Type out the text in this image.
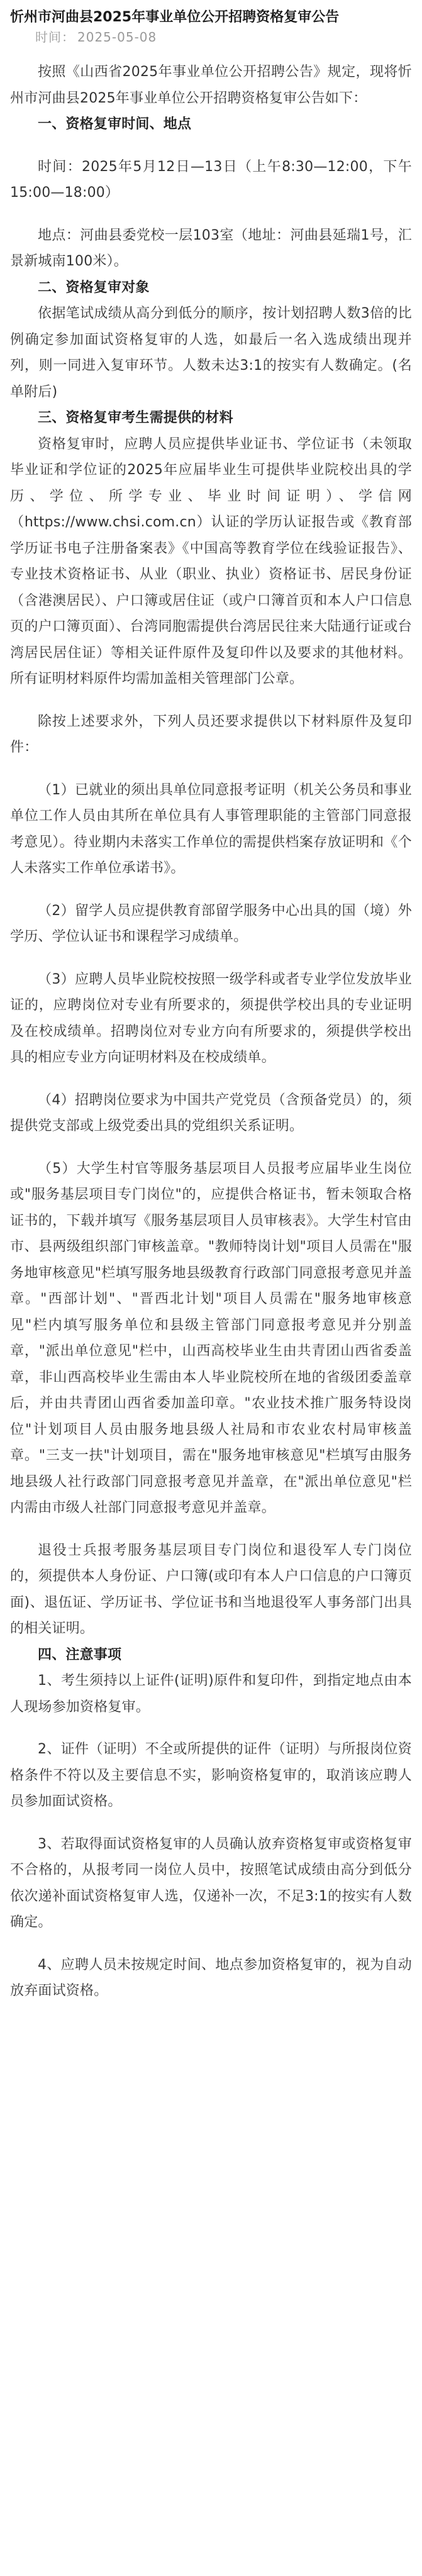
忻州市河曲县2025年事业单位公开招聘资格复审公告
时间： 2025-05-08

按照《山西省2025年事业单位公开招聘公告》规定，现将忻州市河曲县2025年事业单位公开招聘资格复审公告如下：

一、资格复审时间、地点

时间：2025年5月12日—13日（上午8:30—12:00，下午15:00—18:00）

地点：河曲县委党校一层103室（地址：河曲县延瑞1号，汇景新城南100米）。

二、资格复审对象

依据笔试成绩从高分到低分的顺序，按计划招聘人数3倍的比例确定参加面试资格复审的人选，如最后一名入选成绩出现并列，则一同进入复审环节。人数未达3:1的按实有人数确定。(名单附后)

三、资格复审考生需提供的材料

资格复审时，应聘人员应提供毕业证书、学位证书（未领取毕业证和学位证的2025年应届毕业生可提供毕业院校出具的学历、学位、所学专业、毕业时间证明）、学信网（https://www.chsi.com.cn）认证的学历认证报告或《教育部学历证书电子注册备案表》《中国高等教育学位在线验证报告》、专业技术资格证书、从业（职业、执业）资格证书、居民身份证（含港澳居民）、户口簿或居住证（或户口簿首页和本人户口信息页的户口簿页面）、台湾同胞需提供台湾居民往来大陆通行证或台湾居民居住证）等相关证件原件及复印件以及要求的其他材料。所有证明材料原件均需加盖相关管理部门公章。

除按上述要求外，下列人员还要求提供以下材料原件及复印件：

（1）已就业的须出具单位同意报考证明（机关公务员和事业单位工作人员由其所在单位具有人事管理职能的主管部门同意报考意见）。待业期内未落实工作单位的需提供档案存放证明和《个人未落实工作单位承诺书》。

（2）留学人员应提供教育部留学服务中心出具的国（境）外学历、学位认证书和课程学习成绩单。

（3）应聘人员毕业院校按照一级学科或者专业学位发放毕业证的，应聘岗位对专业有所要求的，须提供学校出具的专业证明及在校成绩单。招聘岗位对专业方向有所要求的，须提供学校出具的相应专业方向证明材料及在校成绩单。

（4）招聘岗位要求为中国共产党党员（含预备党员）的，须提供党支部或上级党委出具的党组织关系证明。

（5）大学生村官等服务基层项目人员报考应届毕业生岗位或"服务基层项目专门岗位"的，应提供合格证书，暂未领取合格证书的，下载并填写《服务基层项目人员审核表》。大学生村官由市、县两级组织部门审核盖章。"教师特岗计划"项目人员需在"服务地审核意见"栏填写服务地县级教育行政部门同意报考意见并盖章。"西部计划"、"晋西北计划"项目人员需在"服务地审核意见"栏内填写服务单位和县级主管部门同意报考意见并分别盖章，"派出单位意见"栏中，山西高校毕业生由共青团山西省委盖章，非山西高校毕业生需由本人毕业院校所在地的省级团委盖章后，并由共青团山西省委加盖印章。"农业技术推广服务特设岗位"计划项目人员由服务地县级人社局和市农业农村局审核盖章。"三支一扶"计划项目，需在"服务地审核意见"栏填写由服务地县级人社行政部门同意报考意见并盖章，在"派出单位意见"栏内需由市级人社部门同意报考意见并盖章。

退役士兵报考服务基层项目专门岗位和退役军人专门岗位的，须提供本人身份证、户口簿(或印有本人户口信息的户口簿页面)、退伍证、学历证书、学位证书和当地退役军人事务部门出具的相关证明。

四、注意事项

1、考生须持以上证件(证明)原件和复印件，到指定地点由本人现场参加资格复审。

2、证件（证明）不全或所提供的证件（证明）与所报岗位资格条件不符以及主要信息不实，影响资格复审的，取消该应聘人员参加面试资格。

3、若取得面试资格复审的人员确认放弃资格复审或资格复审不合格的，从报考同一岗位人员中，按照笔试成绩由高分到低分依次递补面试资格复审人选，仅递补一次，不足3:1的按实有人数确定。

4、应聘人员未按规定时间、地点参加资格复审的，视为自动放弃面试资格。
